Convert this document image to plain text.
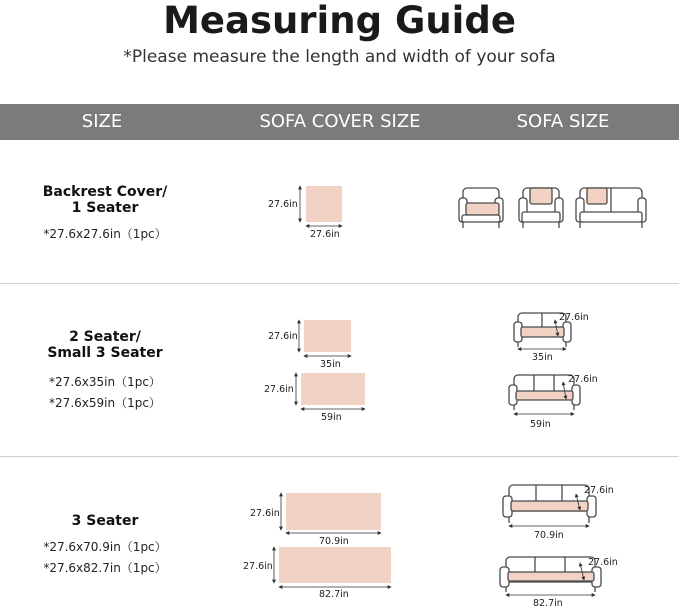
Measuring Guide
*Please measure the length and width of your sofa
SIZE	SOFA COVER SIZE	SOFA SIZE
Backrest Cover/
1 Seater
*27.6x27.6in（1pc）
2 Seater/
Small 3 Seater
*27.6x35in（1pc）
*27.6x59in（1pc）
3 Seater
*27.6x70.9in（1pc）
*27.6x82.7in（1pc）
27.6in
27.6in
27.6in
35in
27.6in
59in
27.6in
70.9in
27.6in
82.7in
27.6in
35in
27.6in
59in
27.6in
70.9in
27.6in
82.7in
